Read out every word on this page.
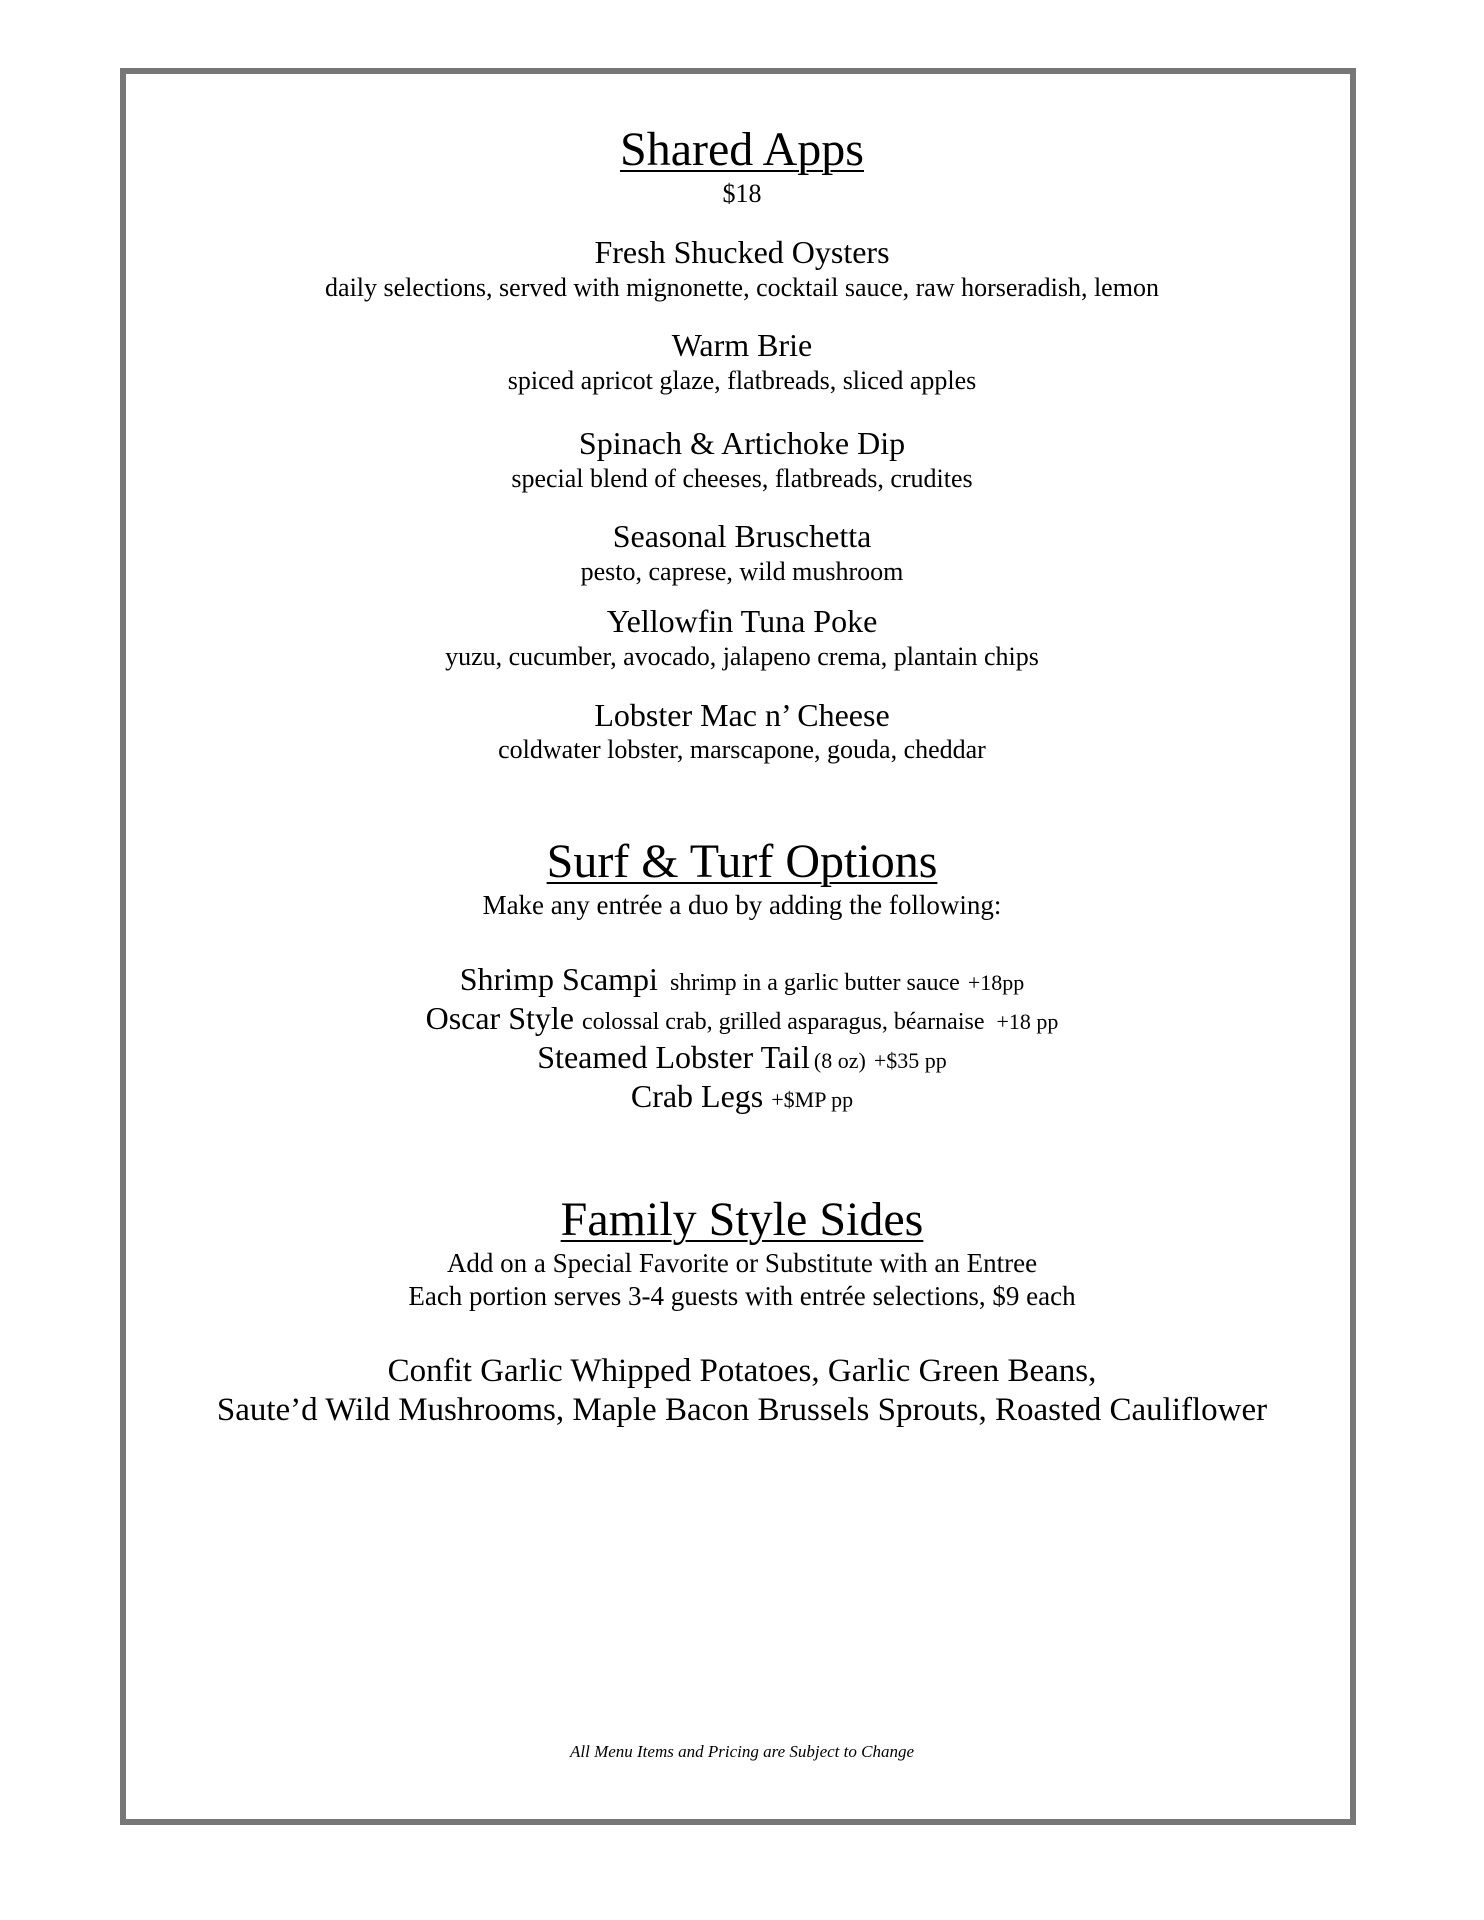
Shared Apps
$18
Fresh Shucked Oysters
daily selections, served with mignonette, cocktail sauce, raw horseradish, lemon
Warm Brie
spiced apricot glaze, flatbreads, sliced apples
Spinach & Artichoke Dip
special blend of cheeses, flatbreads, crudites
Seasonal Bruschetta
pesto, caprese, wild mushroom
Yellowfin Tuna Poke
yuzu, cucumber, avocado, jalapeno crema, plantain chips
Lobster Mac n’ Cheese
coldwater lobster, marscapone, gouda, cheddar
Surf & Turf Options
Make any entrée a duo by adding the following:
Shrimp Scampi shrimp in a garlic butter sauce +18pp
Oscar Style colossal crab, grilled asparagus, béarnaise +18 pp
Steamed Lobster Tail (8 oz) +$35 pp
Crab Legs +$MP pp
Family Style Sides
Add on a Special Favorite or Substitute with an Entree
Each portion serves 3-4 guests with entrée selections, $9 each
Confit Garlic Whipped Potatoes, Garlic Green Beans,
Saute’d Wild Mushrooms, Maple Bacon Brussels Sprouts, Roasted Cauliflower
All Menu Items and Pricing are Subject to Change
